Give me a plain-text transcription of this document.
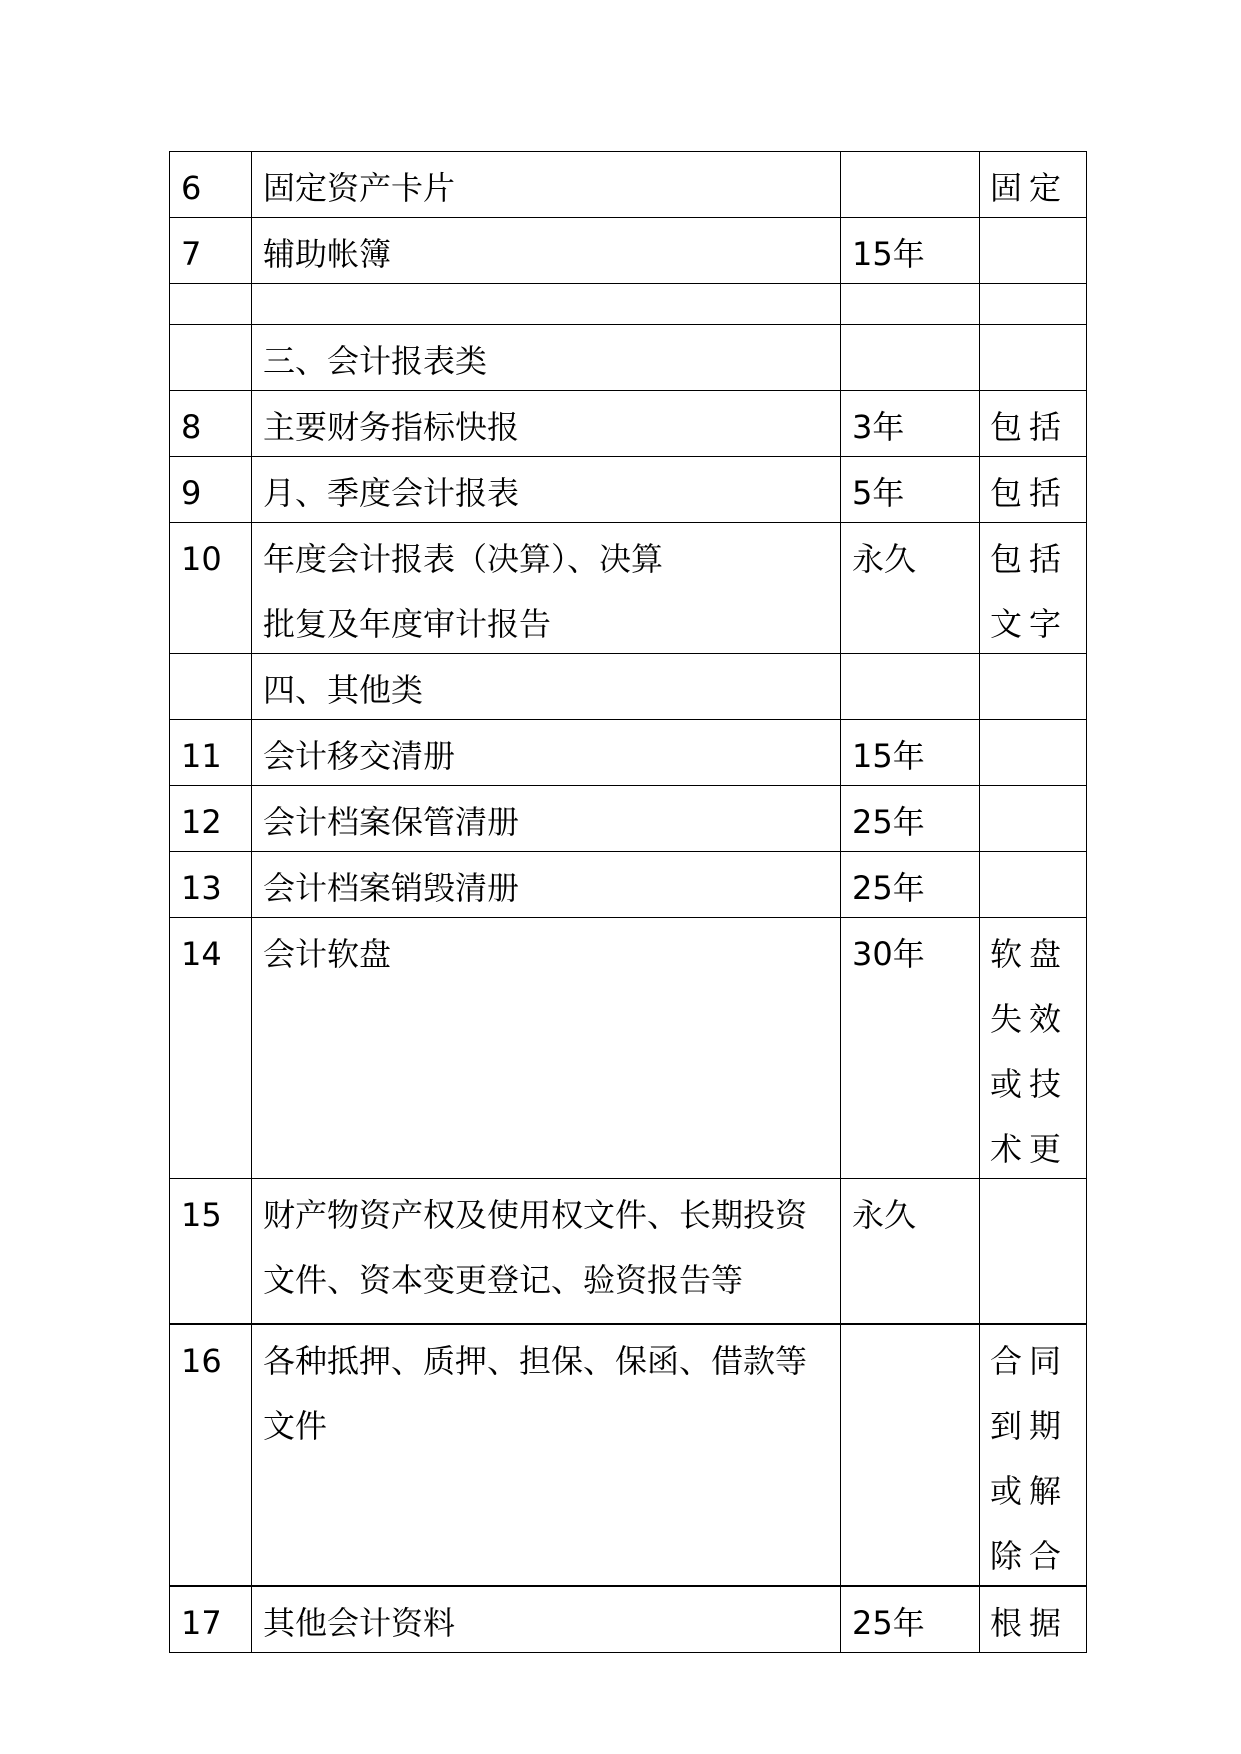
6	固定资产卡片		固定

7	辅助帐簿	15年	

	三、会计报表类		

8	主要财务指标快报	3年	包括

9	月、季度会计报表	5年	包括

10	年度会计报表（决算）、决算批复及年度审计报告	永久	包括文字

	四、其他类		

11	会计移交清册	15年	

12	会计档案保管清册	25年	

13	会计档案销毁清册	25年	

14	会计软盘	30年	软盘失效或技术更

15	财产物资产权及使用权文件、长期投资文件、资本变更登记、验资报告等	永久	

16	各种抵押、质押、担保、保函、借款等文件		合同到期或解除合

17	其他会计资料	25年	根据
